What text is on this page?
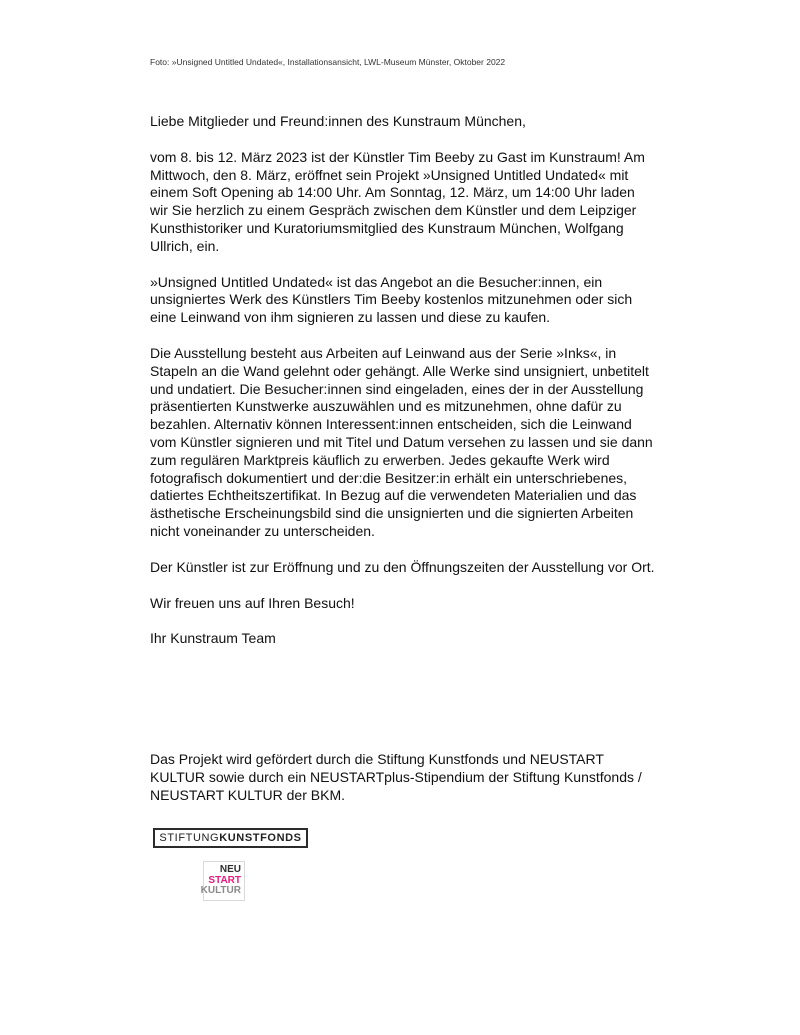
Foto: »Unsigned Untitled Undated«, Installationsansicht, LWL-Museum Münster, Oktober 2022

Liebe Mitglieder und Freund:innen des Kunstraum München,

vom 8. bis 12. März 2023 ist der Künstler Tim Beeby zu Gast im Kunstraum! Am Mittwoch, den 8. März, eröffnet sein Projekt »Unsigned Untitled Undated« mit einem Soft Opening ab 14:00 Uhr. Am Sonntag, 12. März, um 14:00 Uhr laden wir Sie herzlich zu einem Gespräch zwischen dem Künstler und dem Leipziger Kunsthistoriker und Kuratoriumsmitglied des Kunstraum München, Wolfgang Ullrich, ein.

»Unsigned Untitled Undated« ist das Angebot an die Besucher:innen, ein unsigniertes Werk des Künstlers Tim Beeby kostenlos mitzunehmen oder sich eine Leinwand von ihm signieren zu lassen und diese zu kaufen.

Die Ausstellung besteht aus Arbeiten auf Leinwand aus der Serie »Inks«, in Stapeln an die Wand gelehnt oder gehängt. Alle Werke sind unsigniert, unbetitelt und undatiert. Die Besucher:innen sind eingeladen, eines der in der Ausstellung präsentierten Kunstwerke auszuwählen und es mitzunehmen, ohne dafür zu bezahlen. Alternativ können Interessent:innen entscheiden, sich die Leinwand vom Künstler signieren und mit Titel und Datum versehen zu lassen und sie dann zum regulären Marktpreis käuflich zu erwerben. Jedes gekaufte Werk wird fotografisch dokumentiert und der:die Besitzer:in erhält ein unterschriebenes, datiertes Echtheitszertifikat. In Bezug auf die verwendeten Materialien und das ästhetische Erscheinungsbild sind die unsignierten und die signierten Arbeiten nicht voneinander zu unterscheiden.

Der Künstler ist zur Eröffnung und zu den Öffnungszeiten der Ausstellung vor Ort.

Wir freuen uns auf Ihren Besuch!

Ihr Kunstraum Team

Das Projekt wird gefördert durch die Stiftung Kunstfonds und NEUSTART KULTUR sowie durch ein NEUSTARTplus-Stipendium der Stiftung Kunstfonds / NEUSTART KULTUR der BKM.

STIFTUNG KUNSTFONDS
NEU
START
KULTUR
